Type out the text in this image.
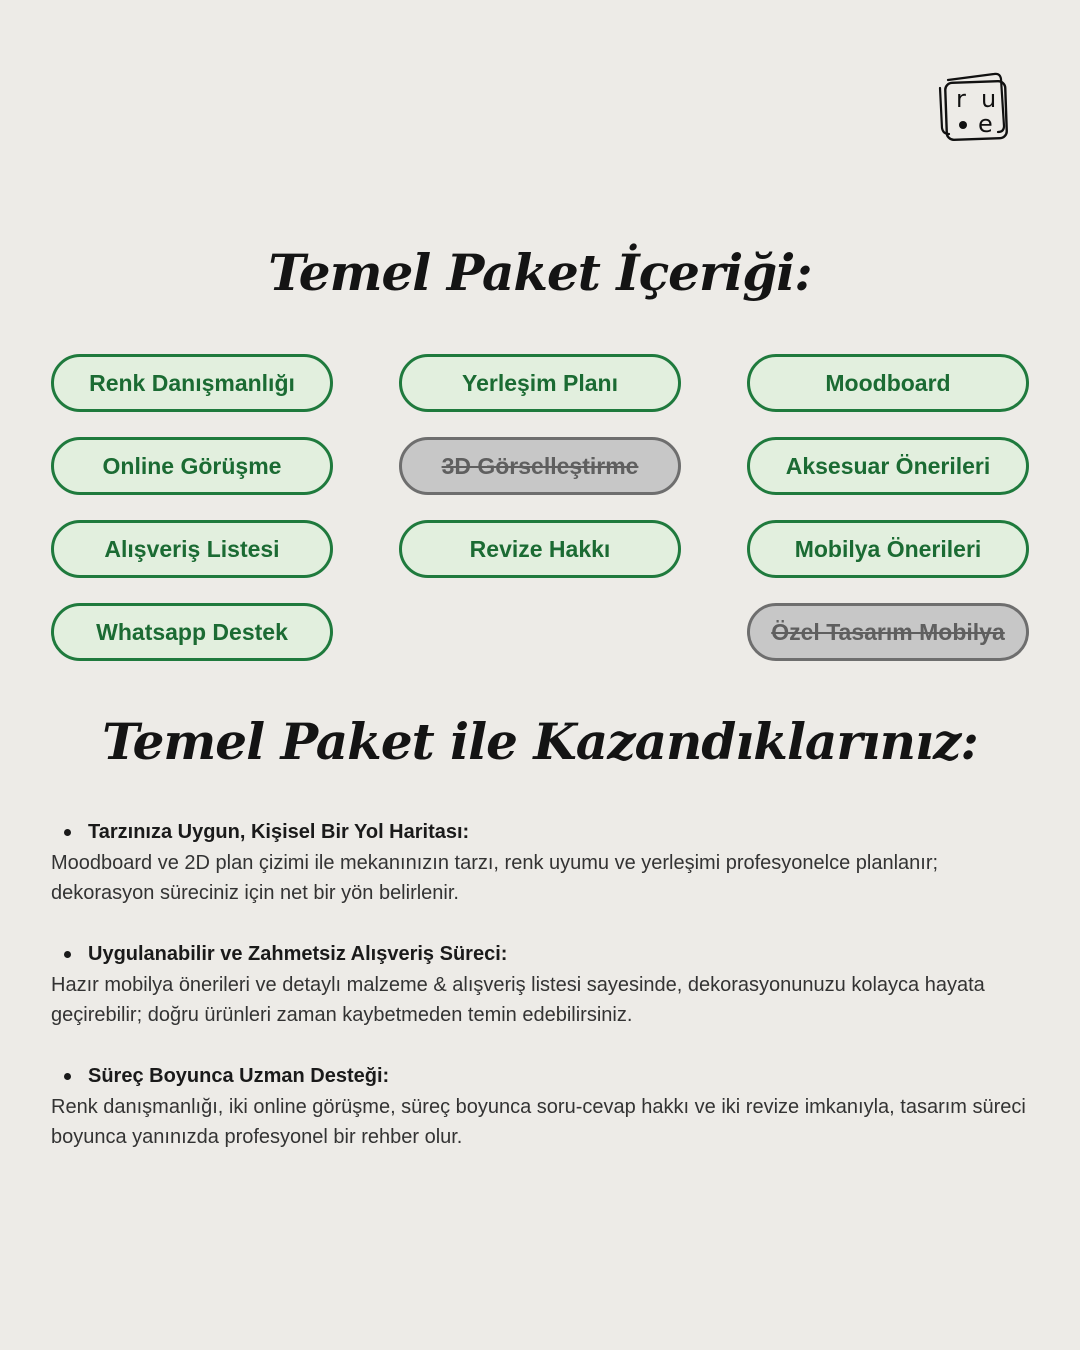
r u
e
Temel Paket İçeriği:
Renk Danışmanlığı	Yerleşim Planı	Moodboard
Online Görüşme	3D Görselleştirme	Aksesuar Önerileri
Alışveriş Listesi	Revize Hakkı	Mobilya Önerileri
Whatsapp Destek	Özel Tasarım Mobilya
Temel Paket ile Kazandıklarınız:
Tarzınıza Uygun, Kişisel Bir Yol Haritası:

Moodboard ve 2D plan çizimi ile mekanınızın tarzı, renk uyumu ve yerleşimi profesyonelce planlanır; dekorasyon süreciniz için net bir yön belirlenir.

Uygulanabilir ve Zahmetsiz Alışveriş Süreci:

Hazır mobilya önerileri ve detaylı malzeme & alışveriş listesi sayesinde, dekorasyonunuzu kolayca hayata geçirebilir; doğru ürünleri zaman kaybetmeden temin edebilirsiniz.

Süreç Boyunca Uzman Desteği:

Renk danışmanlığı, iki online görüşme, süreç boyunca soru-cevap hakkı ve iki revize imkanıyla, tasarım süreci boyunca yanınızda profesyonel bir rehber olur.
